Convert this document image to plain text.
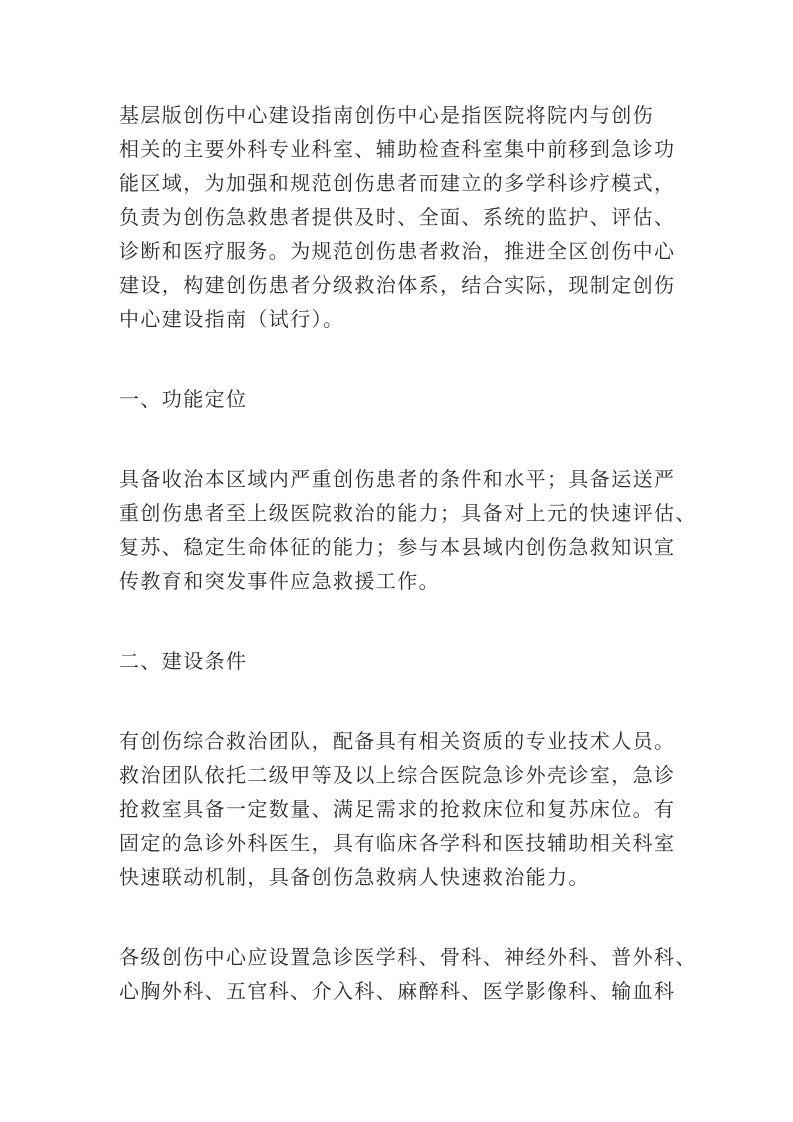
基层版创伤中心建设指南创伤中心是指医院将院内与创伤
相关的主要外科专业科室、辅助检查科室集中前移到急诊功
能区域，为加强和规范创伤患者而建立的多学科诊疗模式，
负责为创伤急救患者提供及时、全面、系统的监护、评估、
诊断和医疗服务。为规范创伤患者救治，推进全区创伤中心
建设，构建创伤患者分级救治体系，结合实际，现制定创伤
中心建设指南（试行）。
一、功能定位
具备收治本区域内严重创伤患者的条件和水平；具备运送严
重创伤患者至上级医院救治的能力；具备对上元的快速评估、
复苏、稳定生命体征的能力；参与本县域内创伤急救知识宣
传教育和突发事件应急救援工作。
二、建设条件
有创伤综合救治团队，配备具有相关资质的专业技术人员。
救治团队依托二级甲等及以上综合医院急诊外壳诊室，急诊
抢救室具备一定数量、满足需求的抢救床位和复苏床位。有
固定的急诊外科医生，具有临床各学科和医技辅助相关科室
快速联动机制，具备创伤急救病人快速救治能力。
各级创伤中心应设置急诊医学科、骨科、神经外科、普外科、
心胸外科、五官科、介入科、麻醉科、医学影像科、输血科
